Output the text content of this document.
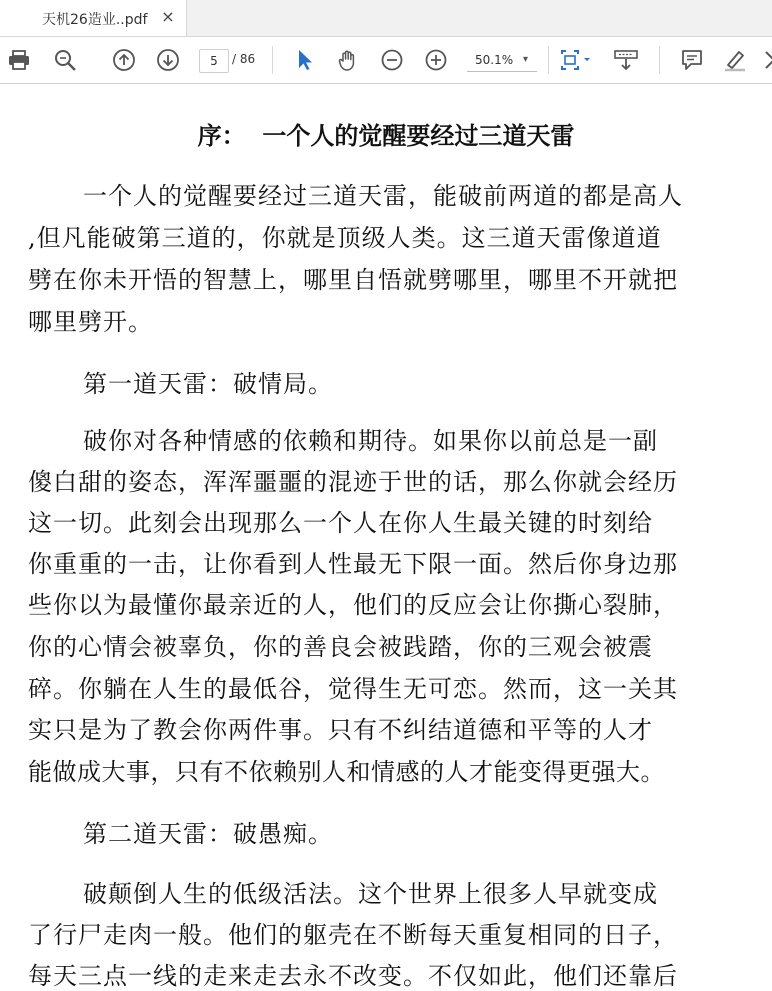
天机26造业..pdf ×
5	/ 86	50.1% ▾
序：  一个人的觉醒要经过三道天雷
一个人的觉醒要经过三道天雷，能破前两道的都是高人
,但凡能破第三道的，你就是顶级人类。这三道天雷像道道
劈在你未开悟的智慧上，哪里自悟就劈哪里，哪里不开就把
哪里劈开。
第一道天雷：破情局。
破你对各种情感的依赖和期待。如果你以前总是一副
傻白甜的姿态，浑浑噩噩的混迹于世的话，那么你就会经历
这一切。此刻会出现那么一个人在你人生最关键的时刻给
你重重的一击，让你看到人性最无下限一面。然后你身边那
些你以为最懂你最亲近的人，他们的反应会让你撕心裂肺，
你的心情会被辜负，你的善良会被践踏，你的三观会被震
碎。你躺在人生的最低谷，觉得生无可恋。然而，这一关其
实只是为了教会你两件事。只有不纠结道德和平等的人才
能做成大事，只有不依赖别人和情感的人才能变得更强大。
第二道天雷：破愚痴。
破颠倒人生的低级活法。这个世界上很多人早就变成
了行尸走肉一般。他们的躯壳在不断每天重复相同的日子，
每天三点一线的走来走去永不改变。不仅如此，他们还靠后
